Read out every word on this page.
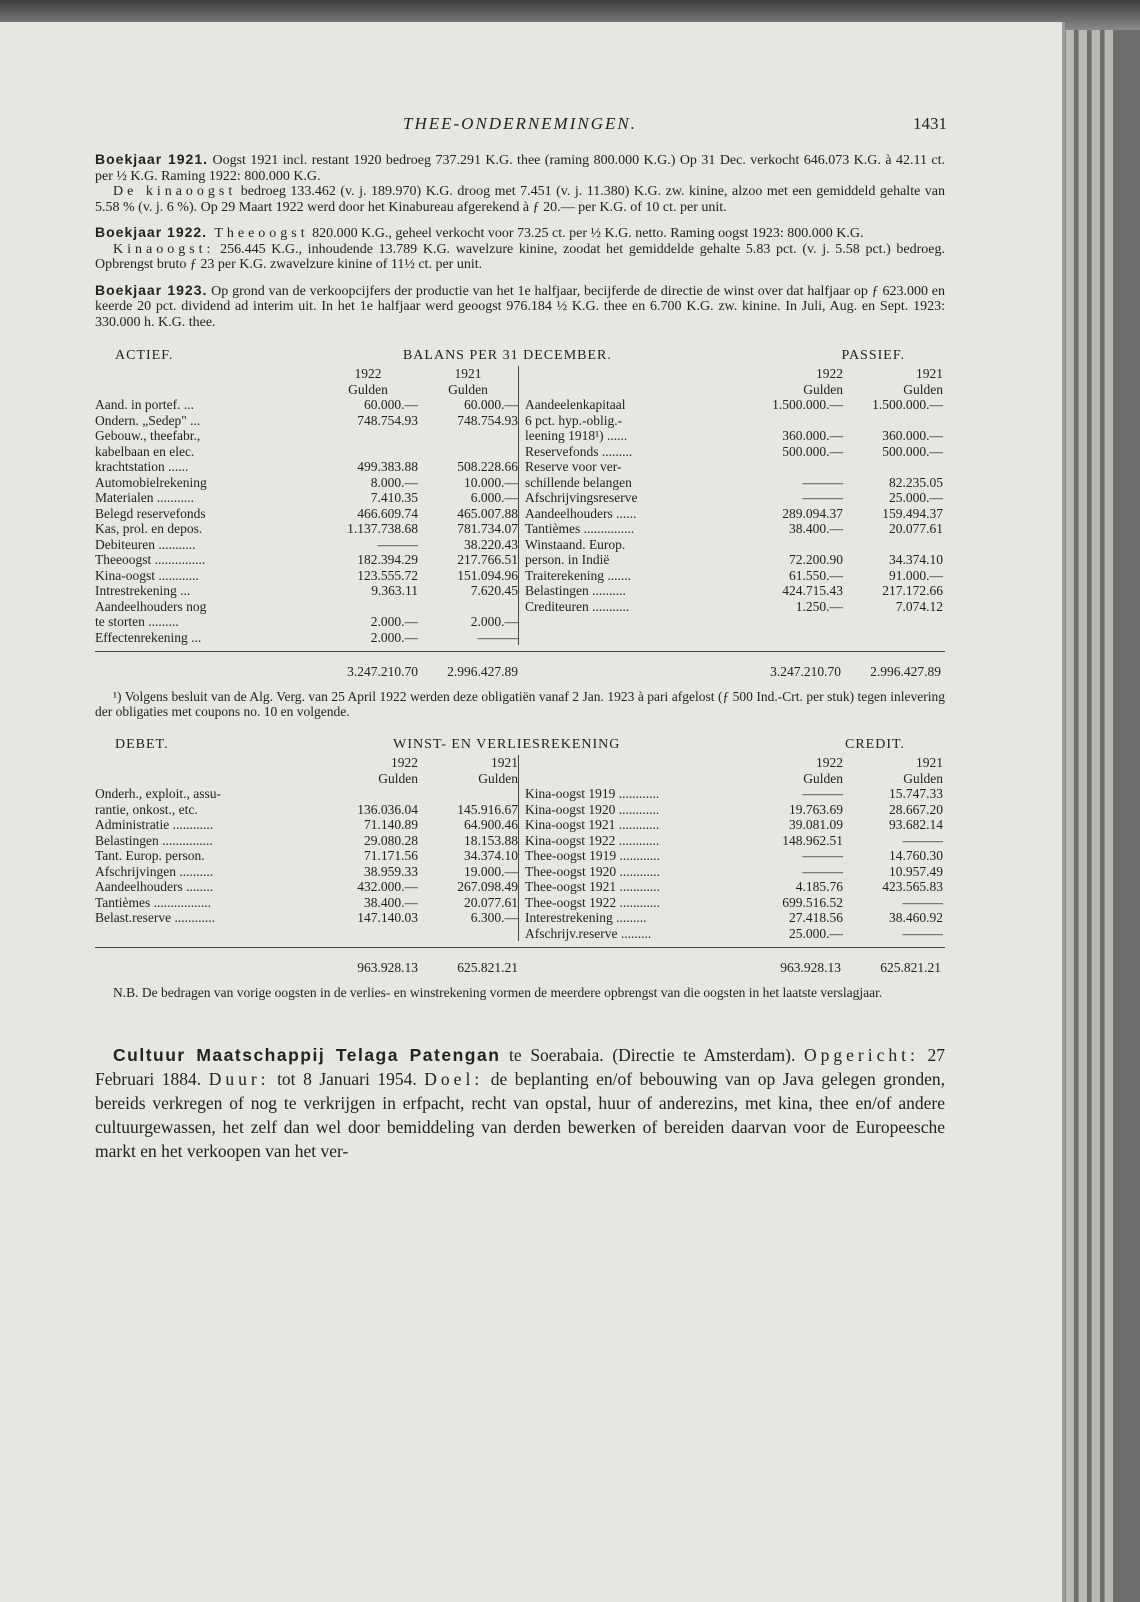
THEE-ONDERNEMINGEN.	1431

Boekjaar 1921. Oogst 1921 incl. restant 1920 bedroeg 737.291 K.G. thee (raming 800.000 K.G.) Op 31 Dec. verkocht 646.073 K.G. à 42.11 ct. per ½ K.G. Raming 1922: 800.000 K.G.

De kinaoogst bedroeg 133.462 (v. j. 189.970) K.G. droog met 7.451 (v. j. 11.380) K.G. zw. kinine, alzoo met een gemiddeld gehalte van 5.58 % (v. j. 6 %). Op 29 Maart 1922 werd door het Kinabureau afgerekend à ƒ 20.— per K.G. of 10 ct. per unit.

Boekjaar 1922. Theeoogst 820.000 K.G., geheel verkocht voor 73.25 ct. per ½ K.G. netto. Raming oogst 1923: 800.000 K.G.

Kinaoogst: 256.445 K.G., inhoudende 13.789 K.G. wavelzure kinine, zoodat het gemiddelde gehalte 5.83 pct. (v. j. 5.58 pct.) bedroeg. Opbrengst bruto ƒ 23 per K.G. zwavelzure kinine of 11½ ct. per unit.

Boekjaar 1923. Op grond van de verkoopcijfers der productie van het 1e halfjaar, becijferde de directie de winst over dat halfjaar op ƒ 623.000 en keerde 20 pct. dividend ad interim uit. In het 1e halfjaar werd geoogst 976.184 ½ K.G. thee en 6.700 K.G. zw. kinine. In Juli, Aug. en Sept. 1923: 330.000 h. K.G. thee.

ACTIEF.	BALANS PER 31 DECEMBER.	PASSIEF.
1922	1921
Gulden	Gulden
Aand. in portef. ...	60.000.—	60.000.—
Ondern. „Sedep" ...	748.754.93	748.754.93
Gebouw., theefabr.,
kabelbaan en elec.
krachtstation ......	499.383.88	508.228.66
Automobielrekening	8.000.—	10.000.—
Materialen ...........	7.410.35	6.000.—
Belegd reservefonds	466.609.74	465.007.88
Kas, prol. en depos.	1.137.738.68	781.734.07
Debiteuren ...........	———	38.220.43
Theeoogst ...............	182.394.29	217.766.51
Kina-oogst ............	123.555.72	151.094.96
Intrestrekening ...	9.363.11	7.620.45
Aandeelhouders nog
te storten .........	2.000.—	2.000.—
Effectenrekening ...	2.000.—	———
1922	1921
Gulden	Gulden
Aandeelenkapitaal	1.500.000.—	1.500.000.—
6 pct. hyp.-oblig.-
leening 1918¹) ......	360.000.—	360.000.—
Reservefonds .........	500.000.—	500.000.—
Reserve voor ver-
schillende belangen	———	82.235.05
Afschrijvingsreserve	———	25.000.—
Aandeelhouders ......	289.094.37	159.494.37
Tantièmes ...............	38.400.—	20.077.61
Winstaand. Europ.
person. in Indië	72.200.90	34.374.10
Traiterekening .......	61.550.—	91.000.—
Belastingen ..........	424.715.43	217.172.66
Crediteuren ...........	1.250.—	7.074.12
3.247.210.70	2.996.427.89	3.247.210.70	2.996.427.89

¹) Volgens besluit van de Alg. Verg. van 25 April 1922 werden deze obligatiën vanaf 2 Jan. 1923 à pari afgelost (ƒ 500 Ind.-Crt. per stuk) tegen inlevering der obligaties met coupons no. 10 en volgende.

DEBET.	WINST- EN VERLIESREKENING	CREDIT.
1922	1921
Gulden	Gulden
Onderh., exploit., assu-
rantie, onkost., etc.	136.036.04	145.916.67
Administratie ............	71.140.89	64.900.46
Belastingen ...............	29.080.28	18.153.88
Tant. Europ. person.	71.171.56	34.374.10
Afschrijvingen ..........	38.959.33	19.000.—
Aandeelhouders ........	432.000.—	267.098.49
Tantièmes .................	38.400.—	20.077.61
Belast.reserve ............	147.140.03	6.300.—
1922	1921
Gulden	Gulden
Kina-oogst 1919 ............	———	15.747.33
Kina-oogst 1920 ............	19.763.69	28.667.20
Kina-oogst 1921 ............	39.081.09	93.682.14
Kina-oogst 1922 ............	148.962.51	———
Thee-oogst 1919 ............	———	14.760.30
Thee-oogst 1920 ............	———	10.957.49
Thee-oogst 1921 ............	4.185.76	423.565.83
Thee-oogst 1922 ............	699.516.52	———
Interestrekening .........	27.418.56	38.460.92
Afschrijv.reserve .........	25.000.—	———
963.928.13	625.821.21	963.928.13	625.821.21

N.B. De bedragen van vorige oogsten in de verlies- en winstrekening vormen de meerdere opbrengst van die oogsten in het laatste verslagjaar.

Cultuur Maatschappij Telaga Patengan te Soerabaia. (Directie te Amsterdam). Opgericht: 27 Februari 1884. Duur: tot 8 Januari 1954. Doel: de beplanting en/of bebouwing van op Java gelegen gronden, bereids verkregen of nog te verkrijgen in erfpacht, recht van opstal, huur of anderezins, met kina, thee en/of andere cultuurgewassen, het zelf dan wel door bemiddeling van derden bewerken of bereiden daarvan voor de Europeesche markt en het verkoopen van het ver-
